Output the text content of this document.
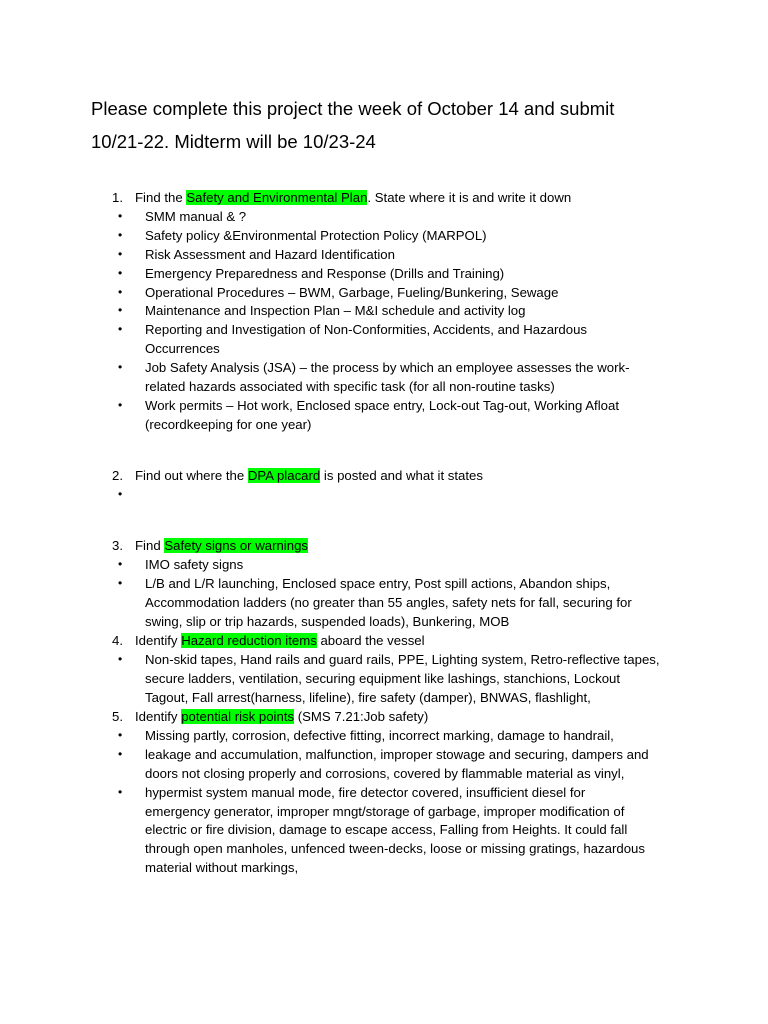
Please complete this project the week of October 14 and submit
10/21-22. Midterm will be 10/23-24
1. Find the Safety and Environmental Plan. State where it is and write it down
• SMM manual & ?
• Safety policy &Environmental Protection Policy (MARPOL)
• Risk Assessment and Hazard Identification
• Emergency Preparedness and Response (Drills and Training)
• Operational Procedures – BWM, Garbage, Fueling/Bunkering, Sewage
• Maintenance and Inspection Plan – M&I schedule and activity log
• Reporting and Investigation of Non-Conformities, Accidents, and Hazardous
Occurrences
• Job Safety Analysis (JSA) – the process by which an employee assesses the work-
related hazards associated with specific task (for all non-routine tasks)
• Work permits – Hot work, Enclosed space entry, Lock-out Tag-out, Working Afloat
(recordkeeping for one year)
2. Find out where the DPA placard is posted and what it states
•
3. Find Safety signs or warnings
• IMO safety signs
• L/B and L/R launching, Enclosed space entry, Post spill actions, Abandon ships,
Accommodation ladders (no greater than 55 angles, safety nets for fall, securing for
swing, slip or trip hazards, suspended loads), Bunkering, MOB
4. Identify Hazard reduction items aboard the vessel
• Non-skid tapes, Hand rails and guard rails, PPE, Lighting system, Retro-reflective tapes,
secure ladders, ventilation, securing equipment like lashings, stanchions, Lockout
Tagout, Fall arrest(harness, lifeline), fire safety (damper), BNWAS, flashlight,
5. Identify potential risk points (SMS 7.21:Job safety)
• Missing partly, corrosion, defective fitting, incorrect marking, damage to handrail,
• leakage and accumulation, malfunction, improper stowage and securing, dampers and
doors not closing properly and corrosions, covered by flammable material as vinyl,
• hypermist system manual mode, fire detector covered, insufficient diesel for
emergency generator, improper mngt/storage of garbage, improper modification of
electric or fire division, damage to escape access, Falling from Heights. It could fall
through open manholes, unfenced tween-decks, loose or missing gratings, hazardous
material without markings,
